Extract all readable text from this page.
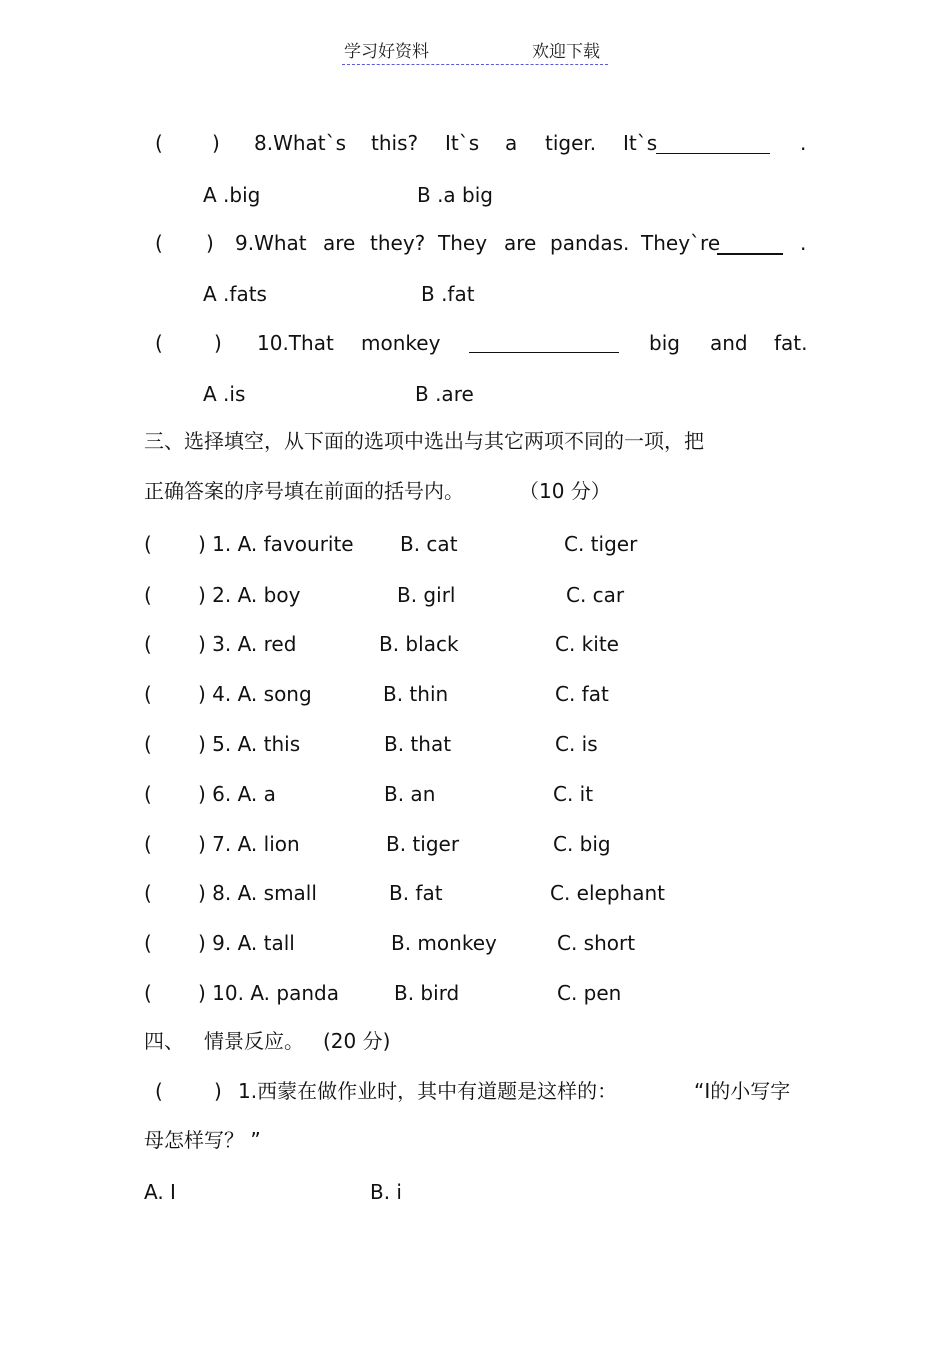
学习好资料	欢迎下载
( ) 8.What`s this? It`s a tiger. It`s	.
A .big	B .a big
( ) 9.What are they? They are pandas. They`re	.
A .fats	B .fat
(	) 10.That monkey	big and fat.
A .is	B .are
三、选择填空，从下面的选项中选出与其它两项不同的一项，把
正确答案的序号填在前面的括号内。	（10 分）
( ) 1. A. favourite B. cat	C. tiger
( ) 2. A. boy	B. girl	C. car
( ) 3. A. red	B. black	C. kite
( ) 4. A. song	B. thin	C. fat
( ) 5. A. this	B. that	C. is
( ) 6. A. a	B. an	C. it
( ) 7. A. lion	B. tiger	C. big
( ) 8. A. small	B. fat	C. elephant
( ) 9. A. tall	B. monkey	C. short
( ) 10. A. panda	B. bird	C. pen
四、 情景反应。 (20 分)
(	) 1.西蒙在做作业时，其中有道题是这样的：	“I的小写字
母怎样写？ ”
A. I	B. i
